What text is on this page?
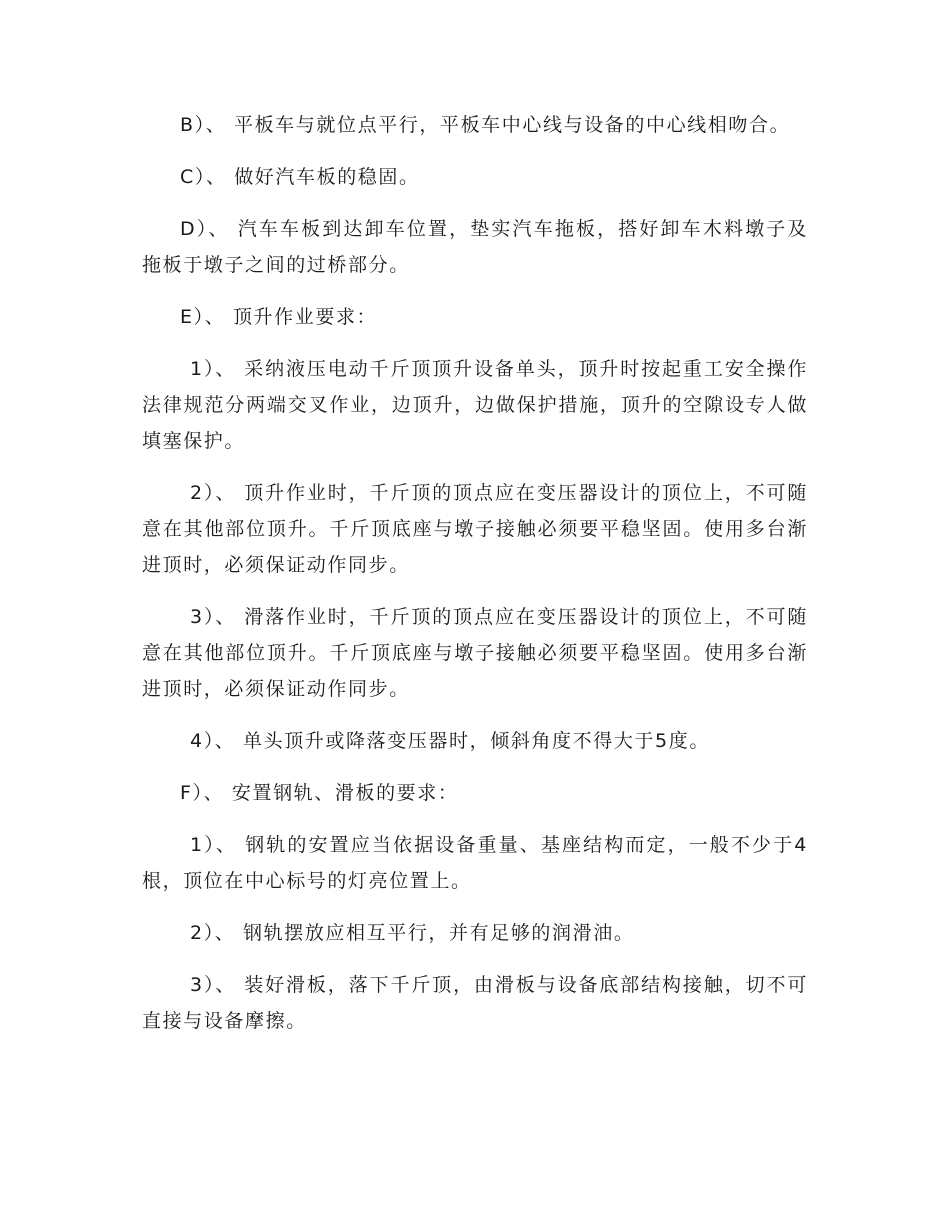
B）、 平板车与就位点平行，平板车中心线与设备的中心线相吻合。

C）、 做好汽车板的稳固。

D）、 汽车车板到达卸车位置，垫实汽车拖板，搭好卸车木料墩子及拖板于墩子之间的过桥部分。

E）、 顶升作业要求：

1）、 采纳液压电动千斤顶顶升设备单头，顶升时按起重工安全操作法律规范分两端交叉作业，边顶升，边做保护措施，顶升的空隙设专人做填塞保护。

2）、 顶升作业时，千斤顶的顶点应在变压器设计的顶位上，不可随意在其他部位顶升。千斤顶底座与墩子接触必须要平稳坚固。使用多台渐进顶时，必须保证动作同步。

3）、 滑落作业时，千斤顶的顶点应在变压器设计的顶位上，不可随意在其他部位顶升。千斤顶底座与墩子接触必须要平稳坚固。使用多台渐进顶时，必须保证动作同步。

4）、 单头顶升或降落变压器时，倾斜角度不得大于5度。

F）、 安置钢轨、滑板的要求：

1）、 钢轨的安置应当依据设备重量、基座结构而定，一般不少于4根，顶位在中心标号的灯亮位置上。

2）、 钢轨摆放应相互平行，并有足够的润滑油。

3）、 装好滑板，落下千斤顶，由滑板与设备底部结构接触，切不可直接与设备摩擦。
